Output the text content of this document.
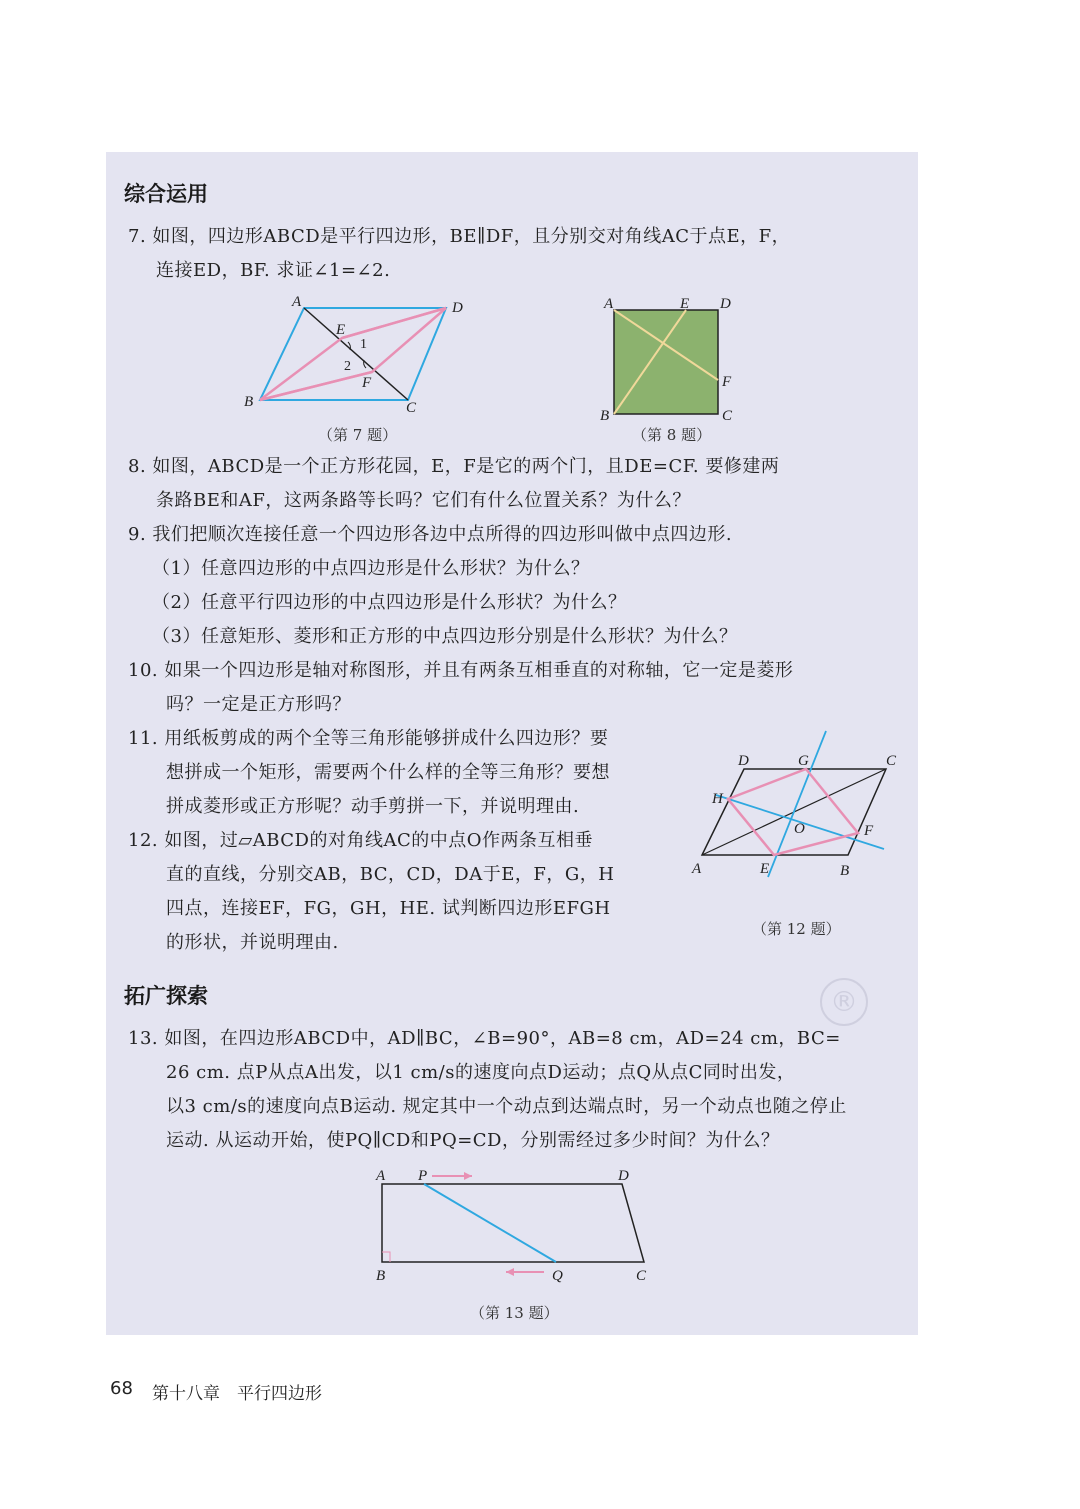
®
综合运用
7. 如图，四边形ABCD是平行四边形，BE∥DF，且分别交对角线AC于点E，F，
连接ED，BF. 求证∠1=∠2.
A	D
B	C
E
F
1
2
（第 7 题）
A	E D
F
B	C
（第 8 题）
8. 如图，ABCD是一个正方形花园，E，F是它的两个门，且DE=CF. 要修建两
条路BE和AF，这两条路等长吗？它们有什么位置关系？为什么？
9. 我们把顺次连接任意一个四边形各边中点所得的四边形叫做中点四边形.
（1）任意四边形的中点四边形是什么形状？为什么？
（2）任意平行四边形的中点四边形是什么形状？为什么？
（3）任意矩形、菱形和正方形的中点四边形分别是什么形状？为什么？
10. 如果一个四边形是轴对称图形，并且有两条互相垂直的对称轴，它一定是菱形
吗？一定是正方形吗？
11. 用纸板剪成的两个全等三角形能够拼成什么四边形？要
想拼成一个矩形，需要两个什么样的全等三角形？要想
拼成菱形或正方形呢？动手剪拼一下，并说明理由.
12. 如图，过▱ABCD的对角线AC的中点O作两条互相垂
直的直线，分别交AB，BC，CD，DA于E，F，G，H
四点，连接EF，FG，GH，HE. 试判断四边形EFGH
的形状，并说明理由.
D	G	C
H
O	F
A	E	B
（第 12 题）
拓广探索
13. 如图，在四边形ABCD中，AD∥BC，∠B=90°，AB=8 cm，AD=24 cm，BC=
26 cm. 点P从点A出发，以1 cm/s的速度向点D运动；点Q从点C同时出发，
以3 cm/s的速度向点B运动. 规定其中一个动点到达端点时，另一个动点也随之停止
运动. 从运动开始，使PQ∥CD和PQ=CD，分别需经过多少时间？为什么？
A P	D
B	Q	C
（第 13 题）
68 第十八章　平行四边形
